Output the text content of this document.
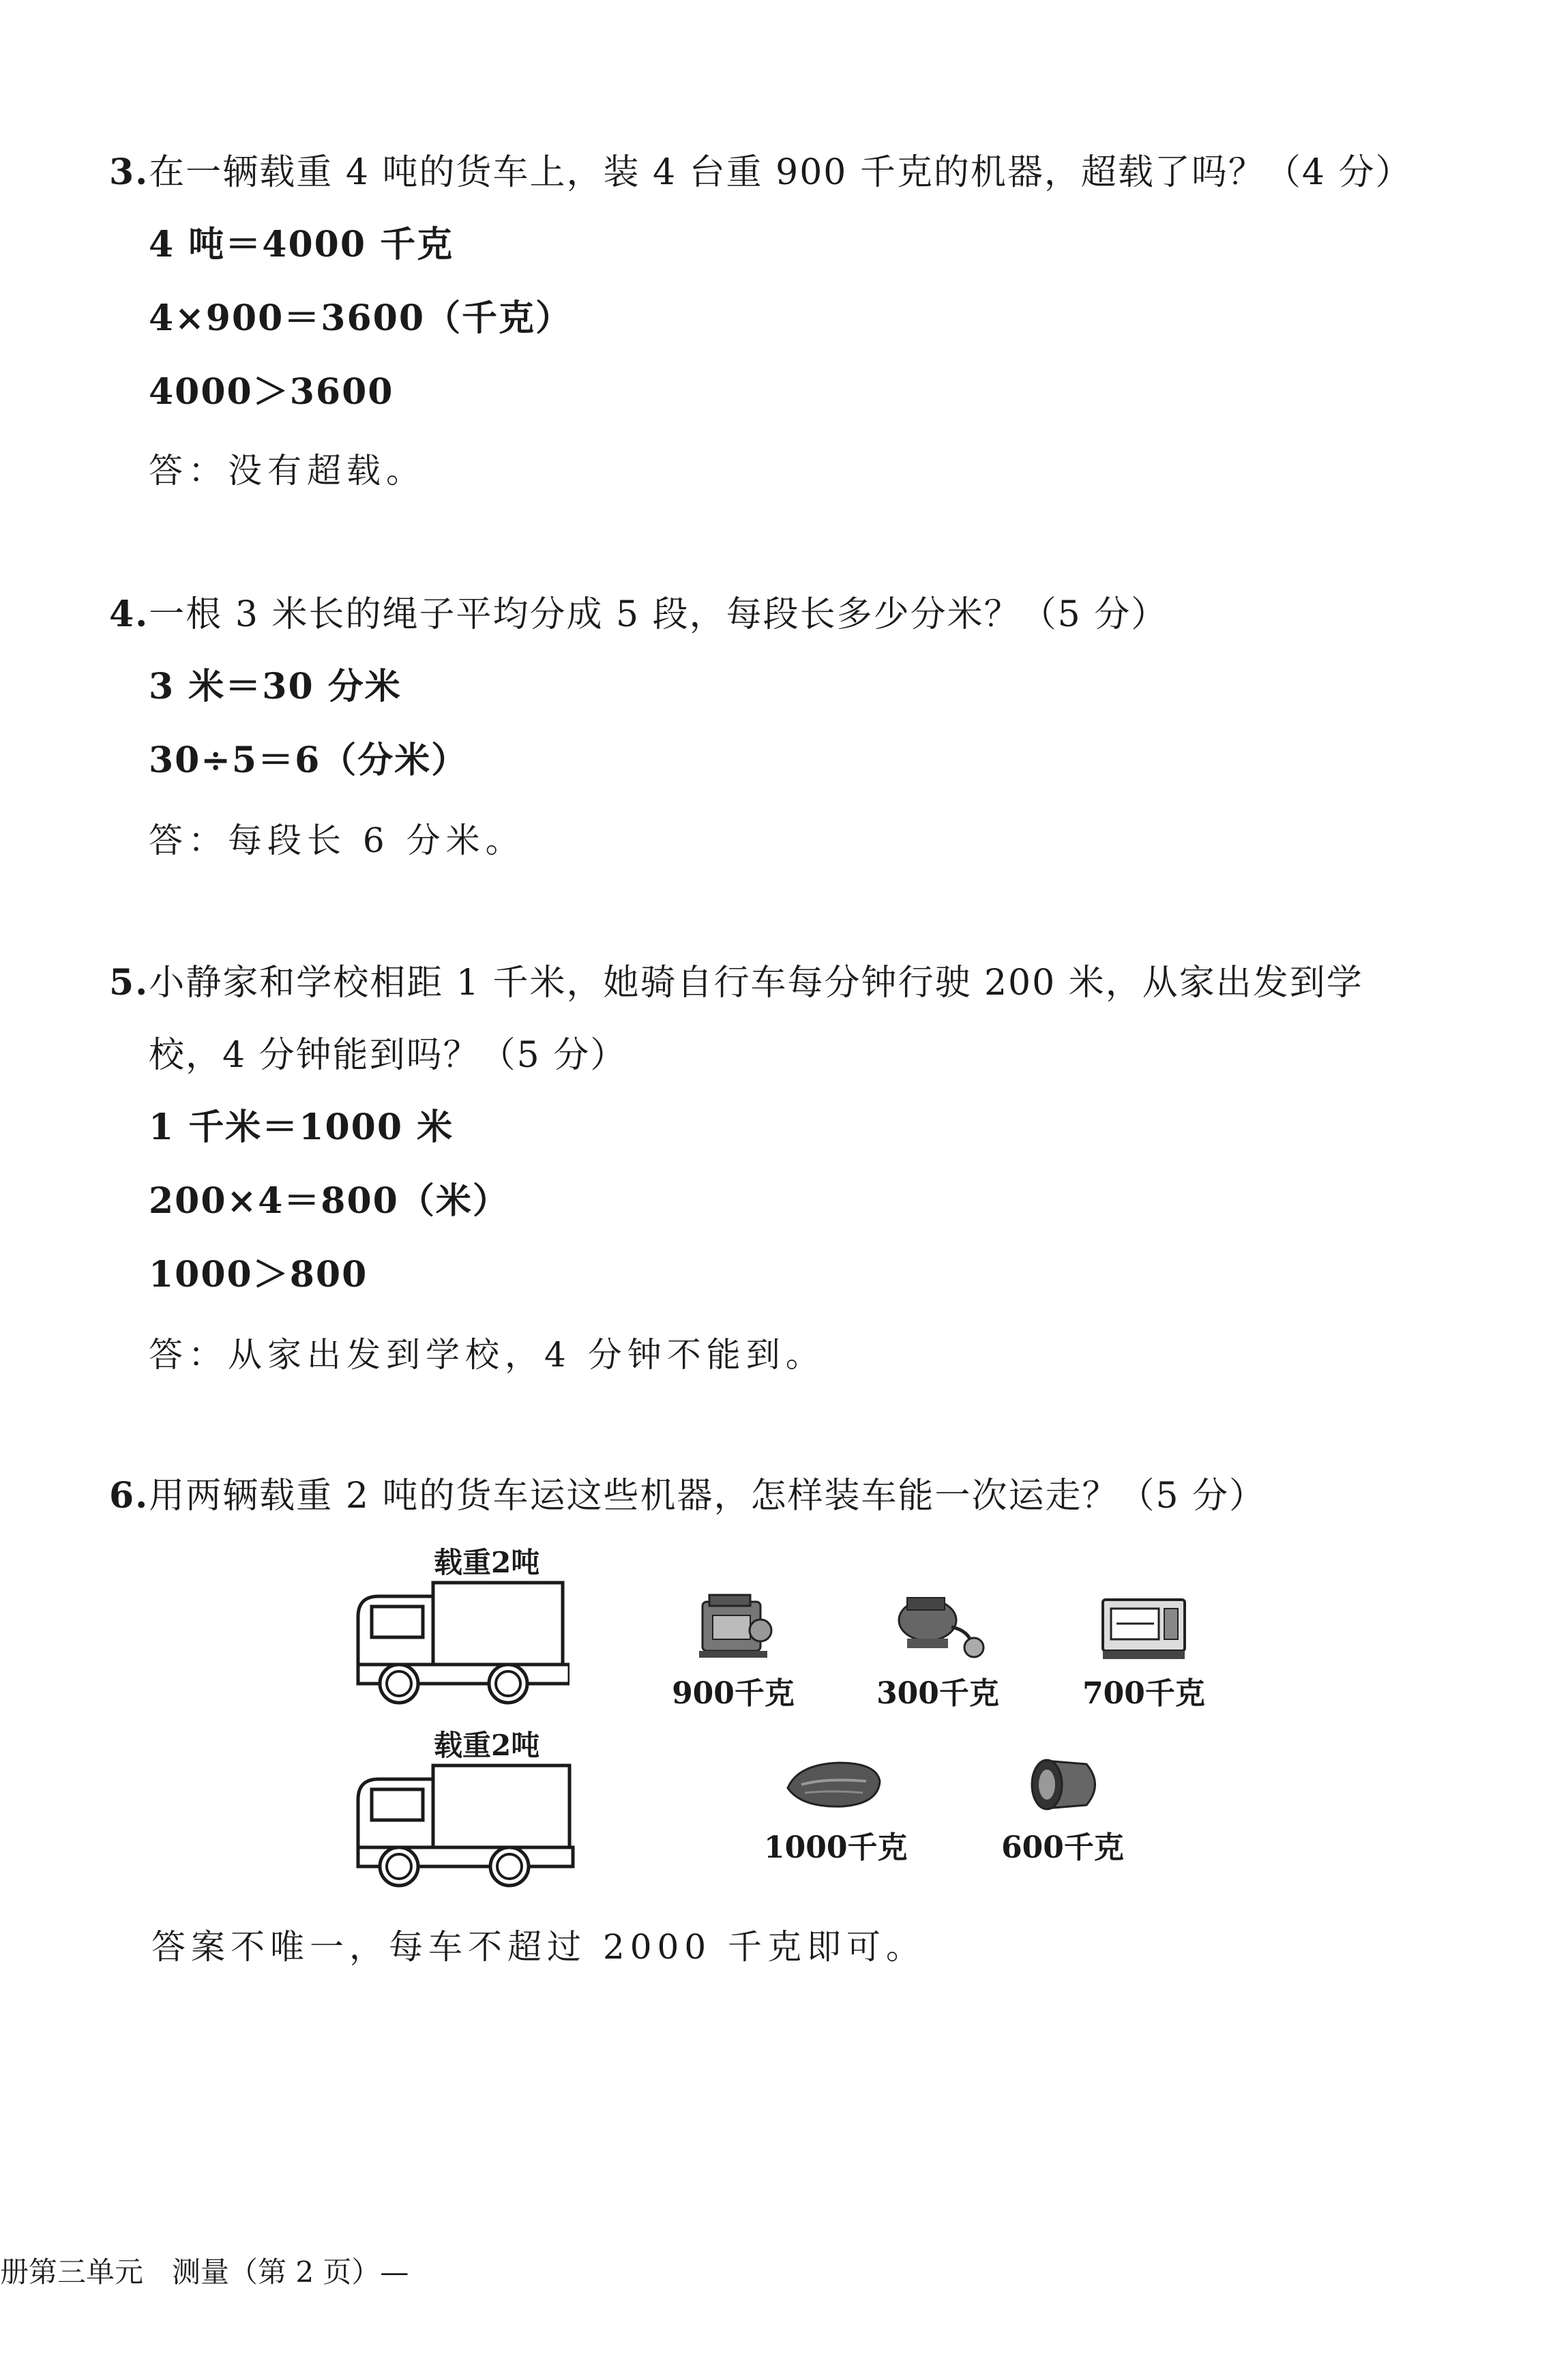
3.在一辆载重 4 吨的货车上，装 4 台重 900 千克的机器，超载了吗？（4 分）
4 吨＝4000 千克
4×900＝3600（千克）
4000＞3600
答：没有超载。
4.一根 3 米长的绳子平均分成 5 段，每段长多少分米？（5 分）
3 米＝30 分米
30÷5＝6（分米）
答：每段长 6 分米。
5.小静家和学校相距 1 千米，她骑自行车每分钟行驶 200 米，从家出发到学
校，4 分钟能到吗？（5 分）
1 千米＝1000 米
200×4＝800（米）
1000＞800
答：从家出发到学校，4 分钟不能到。
6.用两辆载重 2 吨的货车运这些机器，怎样装车能一次运走？（5 分）
载重2吨
载重2吨
900千克	300千克	700千克
1000千克	600千克
答案不唯一，每车不超过 2000 千克即可。
册第三单元　测量（第 2 页）—
